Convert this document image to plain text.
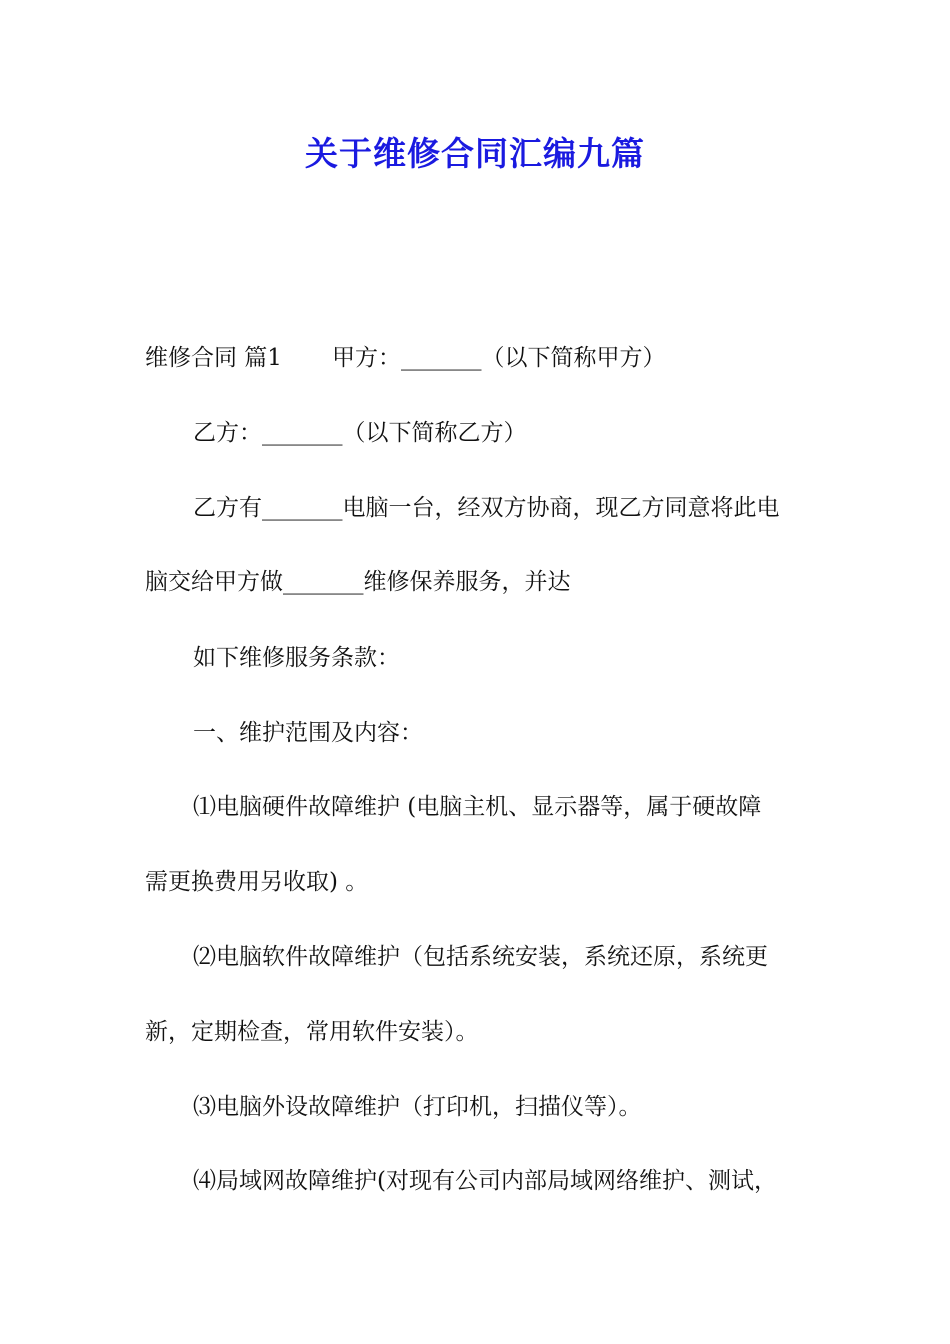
关于维修合同汇编九篇
维修合同 篇1 甲方：_______（以下简称甲方）
乙方：_______（以下简称乙方）
乙方有_______电脑一台，经双方协商，现乙方同意将此电
脑交给甲方做_______维修保养服务，并达
如下维修服务条款：
一、维护范围及内容：
⑴电脑硬件故障维护 (电脑主机、显示器等，属于硬故障
需更换费用另收取) 。
⑵电脑软件故障维护（包括系统安装，系统还原，系统更
新，定期检查，常用软件安装）。
⑶电脑外设故障维护（打印机，扫描仪等）。
⑷局域网故障维护(对现有公司内部局域网络维护、测试，
